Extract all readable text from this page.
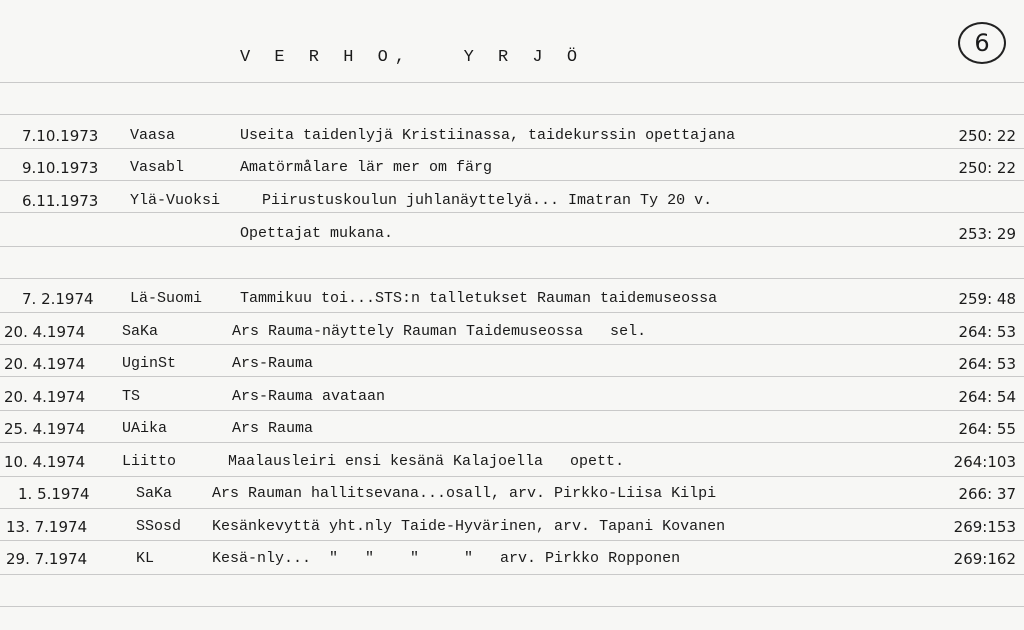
V E R H O,   Y R J Ö
6
7.10.1973 Vaasa	Useita taidenlyjä Kristiinassa, taidekurssin opettajana	250: 22
9.10.1973 Vasabl	Amatörmålare lär mer om färg	250: 22
6.11.1973 Ylä-Vuoksi	Piirustuskoulun juhlanäyttelyä... Imatran Ty 20 v.
Opettajat mukana.	253: 29
7. 2.1974 Lä-Suomi	Tammikuu toi...STS:n talletukset Rauman taidemuseossa	259: 48
20. 4.1974 SaKa	Ars Rauma-näyttely Rauman Taidemuseossa   sel.	264: 53
20. 4.1974 UginSt	Ars-Rauma	264: 53
20. 4.1974 TS	Ars-Rauma avataan	264: 54
25. 4.1974 UAika	Ars Rauma	264: 55
10. 4.1974 Liitto	Maalausleiri ensi kesänä Kalajoella   opett.	264:103
1. 5.1974	SaKa	Ars Rauman hallitsevana...osall, arv. Pirkko-Liisa Kilpi	266: 37
13. 7.1974	SSosd Kesänkevyttä yht.nly Taide-Hyvärinen, arv. Tapani Kovanen	269:153
29. 7.1974	KL	Kesä-nly...  "   "    "     "   arv. Pirkko Ropponen	269:162
